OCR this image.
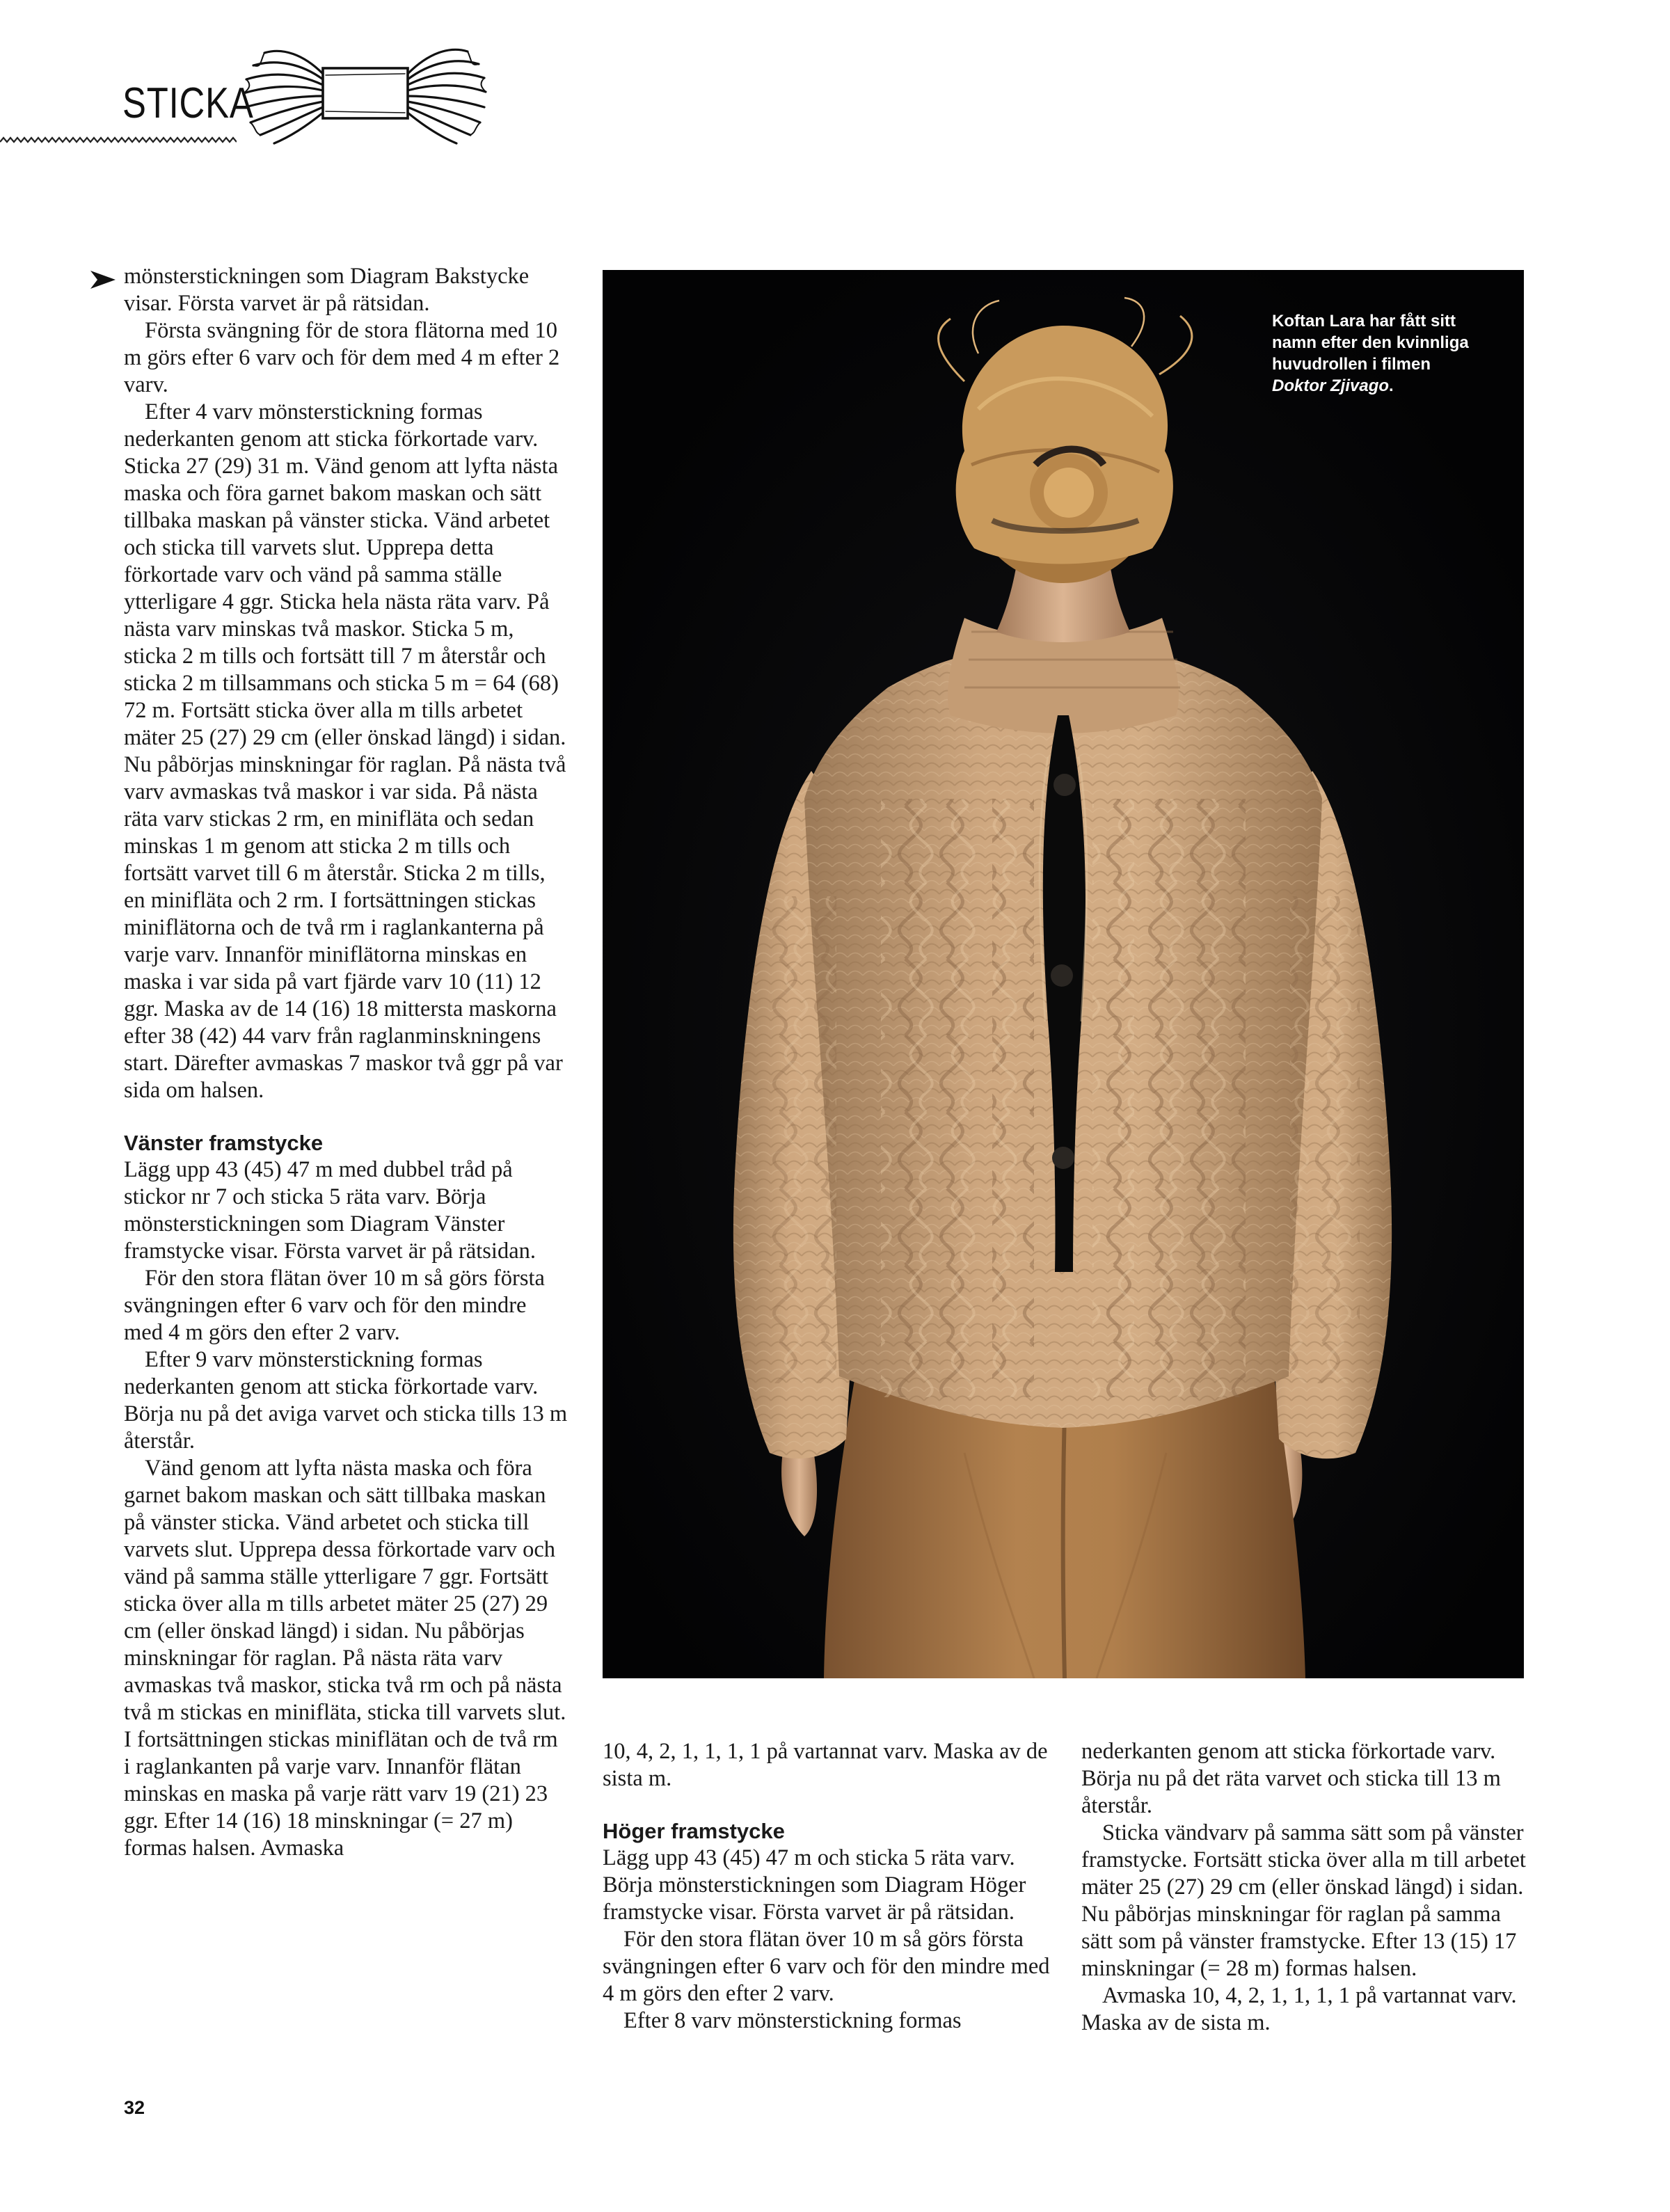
STICKA

mönsterstickningen som Diagram Bakstycke visar. Första varvet är på rätsidan.

Första svängning för de stora flätorna med 10 m görs efter 6 varv och för dem med 4 m efter 2 varv.

Efter 4 varv mönsterstickning formas nederkanten genom att sticka förkortade varv. Sticka 27 (29) 31 m. Vänd genom att lyfta nästa maska och föra garnet bakom maskan och sätt tillbaka maskan på vänster sticka. Vänd arbetet och sticka till varvets slut. Upprepa detta förkortade varv och vänd på samma ställe ytterligare 4 ggr. Sticka hela nästa räta varv. På nästa varv minskas två maskor. Sticka 5 m, sticka 2 m tills och fortsätt till 7 m återstår och sticka 2 m tillsammans och sticka 5 m = 64 (68) 72 m. Fortsätt sticka över alla m tills arbetet mäter 25 (27) 29 cm (eller önskad längd) i sidan. Nu påbörjas minskningar för raglan. På nästa två varv avmaskas två maskor i var sida. På nästa räta varv stickas 2 rm, en minifläta och sedan minskas 1 m genom att sticka 2 m tills och fortsätt varvet till 6 m återstår. Sticka 2 m tills, en minifläta och 2 rm. I fortsättningen stickas miniflätorna och de två rm i raglankanterna på varje varv. Innanför miniflätorna minskas en maska i var sida på vart fjärde varv 10 (11) 12 ggr. Maska av de 14 (16) 18 mittersta maskorna efter 38 (42) 44 varv från raglanminskningens start. Därefter avmaskas 7 maskor två ggr på var sida om halsen.

Vänster framstycke

Lägg upp 43 (45) 47 m med dubbel tråd på stickor nr 7 och sticka 5 räta varv. Börja mönsterstickningen som Diagram Vänster framstycke visar. Första varvet är på rätsidan.

För den stora flätan över 10 m så görs första svängningen efter 6 varv och för den mindre med 4 m görs den efter 2 varv.

Efter 9 varv mönsterstickning formas nederkanten genom att sticka förkortade varv. Börja nu på det aviga varvet och sticka tills 13 m återstår.

Vänd genom att lyfta nästa maska och föra garnet bakom maskan och sätt tillbaka maskan på vänster sticka. Vänd arbetet och sticka till varvets slut. Upprepa dessa förkortade varv och vänd på samma ställe ytterligare 7 ggr. Fortsätt sticka över alla m tills arbetet mäter 25 (27) 29 cm (eller önskad längd) i sidan. Nu påbörjas minskningar för raglan. På nästa räta varv avmaskas två maskor, sticka två rm och på nästa två m stickas en miniflätа, sticka till varvets slut. I fortsättningen stickas miniflätan och de två rm i raglankanten på varje varv. Innanför flätan minskas en maska på varje rätt varv 19 (21) 23 ggr. Efter 14 (16) 18 minskningar (= 27 m) formas halsen. Avmaska

Koftan Lara har fått sitt namn efter den kvinnliga huvudrollen i filmen Doktor Zjivago.

10, 4, 2, 1, 1, 1, 1 på vartannat varv. Maska av de sista m.

Höger framstycke

Lägg upp 43 (45) 47 m och sticka 5 räta varv. Börja mönsterstickningen som Diagram Höger framstycke visar. Första varvet är på rätsidan.

För den stora flätan över 10 m så görs första svängningen efter 6 varv och för den mindre med 4 m görs den efter 2 varv.

Efter 8 varv mönsterstickning formas

nederkanten genom att sticka förkortade varv. Börja nu på det räta varvet och sticka till 13 m återstår.

Sticka vändvarv på samma sätt som på vänster framstycke. Fortsätt sticka över alla m till arbetet mäter 25 (27) 29 cm (eller önskad längd) i sidan. Nu påbörjas minskningar för raglan på samma sätt som på vänster framstycke. Efter 13 (15) 17 minskningar (= 28 m) formas halsen.

Avmaska 10, 4, 2, 1, 1, 1, 1 på vartannat varv. Maska av de sista m.

32
